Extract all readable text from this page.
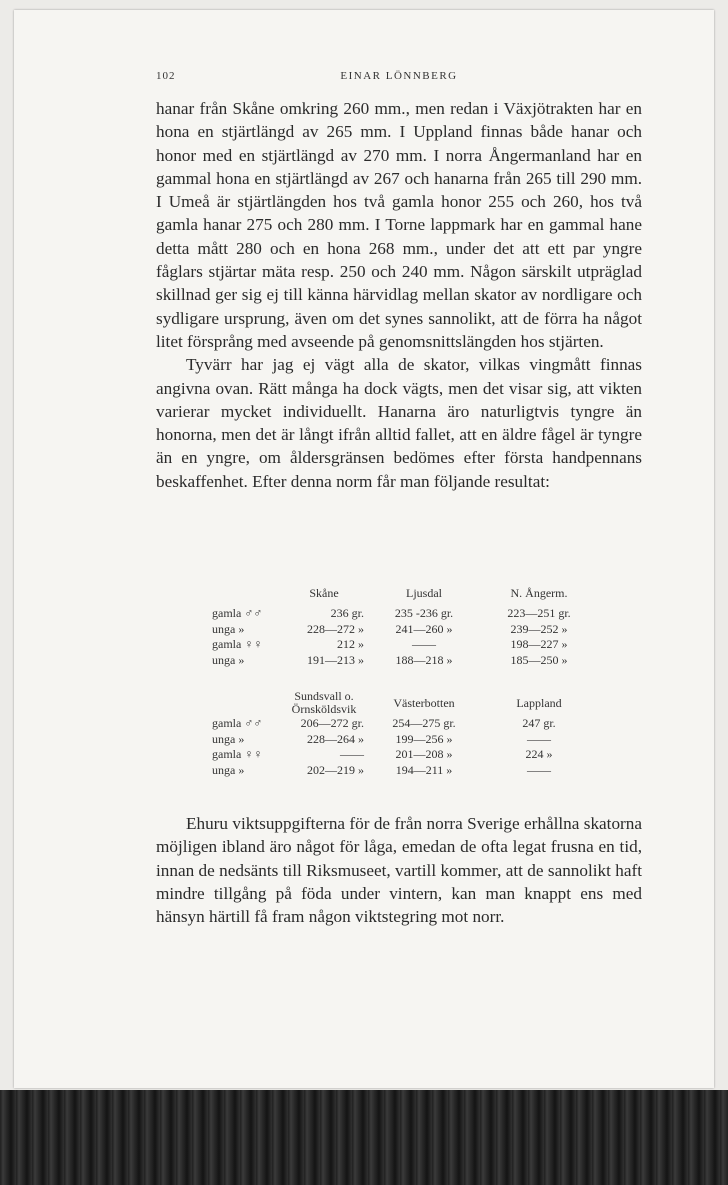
102	EINAR LÖNNBERG

hanar från Skåne omkring 260 mm., men redan i Växjötrakten har en hona en stjärtlängd av 265 mm. I Uppland finnas både hanar och honor med en stjärtlängd av 270 mm. I norra Ångermanland har en gammal hona en stjärtlängd av 267 och hanarna från 265 till 290 mm. I Umeå är stjärtlängden hos två gamla honor 255 och 260, hos två gamla hanar 275 och 280 mm. I Torne lappmark har en gammal hane detta mått 280 och en hona 268 mm., under det att ett par yngre fåglars stjärtar mäta resp. 250 och 240 mm. Någon särskilt utpräglad skillnad ger sig ej till känna härvidlag mellan skator av nordligare och sydligare ursprung, även om det synes sannolikt, att de förra ha något litet försprång med avseende på genomsnittslängden hos stjärten.

Tyvärr har jag ej vägt alla de skator, vilkas vingmått finnas angivna ovan. Rätt många ha dock vägts, men det visar sig, att vikten varierar mycket individuellt. Hanarna äro naturligtvis tyngre än honorna, men det är långt ifrån alltid fallet, att en äldre fågel är tyngre än en yngre, om åldersgränsen bedömes efter första handpennans beskaffenhet. Efter denna norm får man följande resultat:

	Skåne	Ljusdal	N. Ångerm.
gamla ♂♂	236 gr.	235 -236 gr.	223—251 gr.
unga »	228—272 »	241—260 »	239—252 »
gamla ♀♀	212 »	——	198—227 »
unga »	191—213 »	188—218 »	185—250 »
	Sundsvall o. Örnsköldsvik	Västerbotten	Lappland
gamla ♂♂	206—272 gr.	254—275 gr.	247 gr.
unga »	228—264 »	199—256 »	——
gamla ♀♀	——	201—208 »	224 »
unga »	202—219 »	194—211 »	——

Ehuru viktsuppgifterna för de från norra Sverige erhållna skatorna möjligen ibland äro något för låga, emedan de ofta legat frusna en tid, innan de nedsänts till Riksmuseet, vartill kommer, att de sannolikt haft mindre tillgång på föda under vintern, kan man knappt ens med hänsyn härtill få fram någon viktstegring mot norr.
